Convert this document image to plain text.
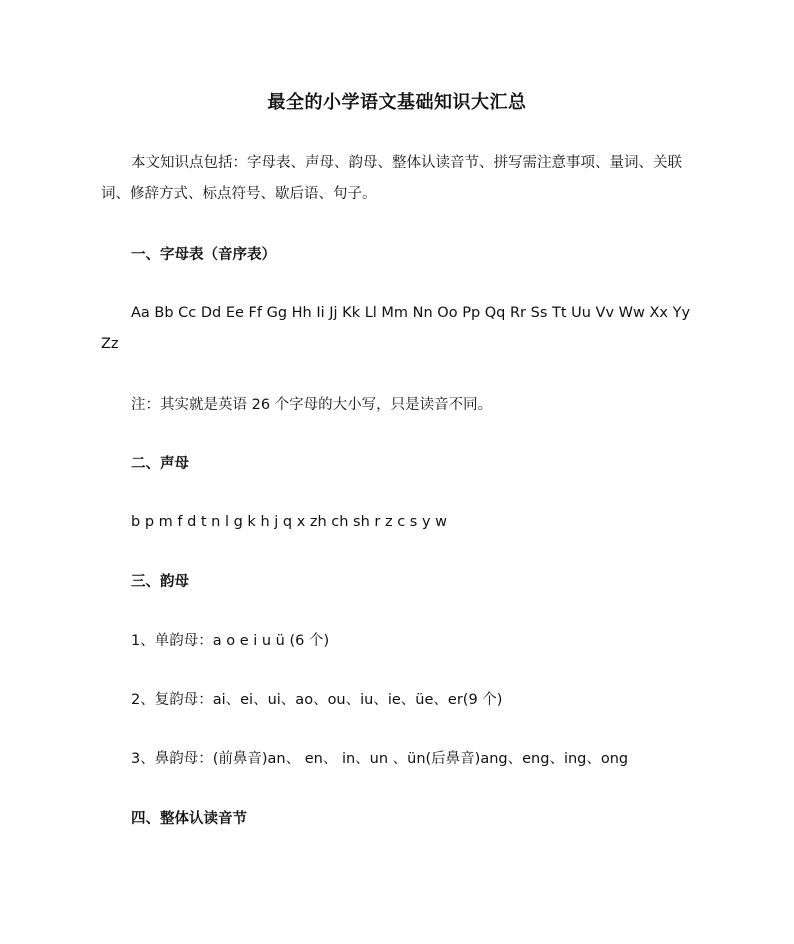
最全的小学语文基础知识大汇总
本文知识点包括：字母表、声母、韵母、整体认读音节、拼写需注意事项、量词、关联词、修辞方式、标点符号、歇后语、句子。
一、字母表（音序表）
Aa Bb Cc Dd Ee Ff Gg Hh Ii Jj Kk Ll Mm Nn Oo Pp Qq Rr Ss Tt Uu Vv Ww Xx Yy Zz
注：其实就是英语 26 个字母的大小写，只是读音不同。
二、声母
b p m f d t n l g k h j q x zh ch sh r z c s y w
三、韵母
1、单韵母：a o e i u ü (6 个)
2、复韵母：ai、ei、ui、ao、ou、iu、ie、üe、er(9 个)
3、鼻韵母：(前鼻音)an、 en、 in、un 、ün(后鼻音)ang、eng、ing、ong
四、整体认读音节
